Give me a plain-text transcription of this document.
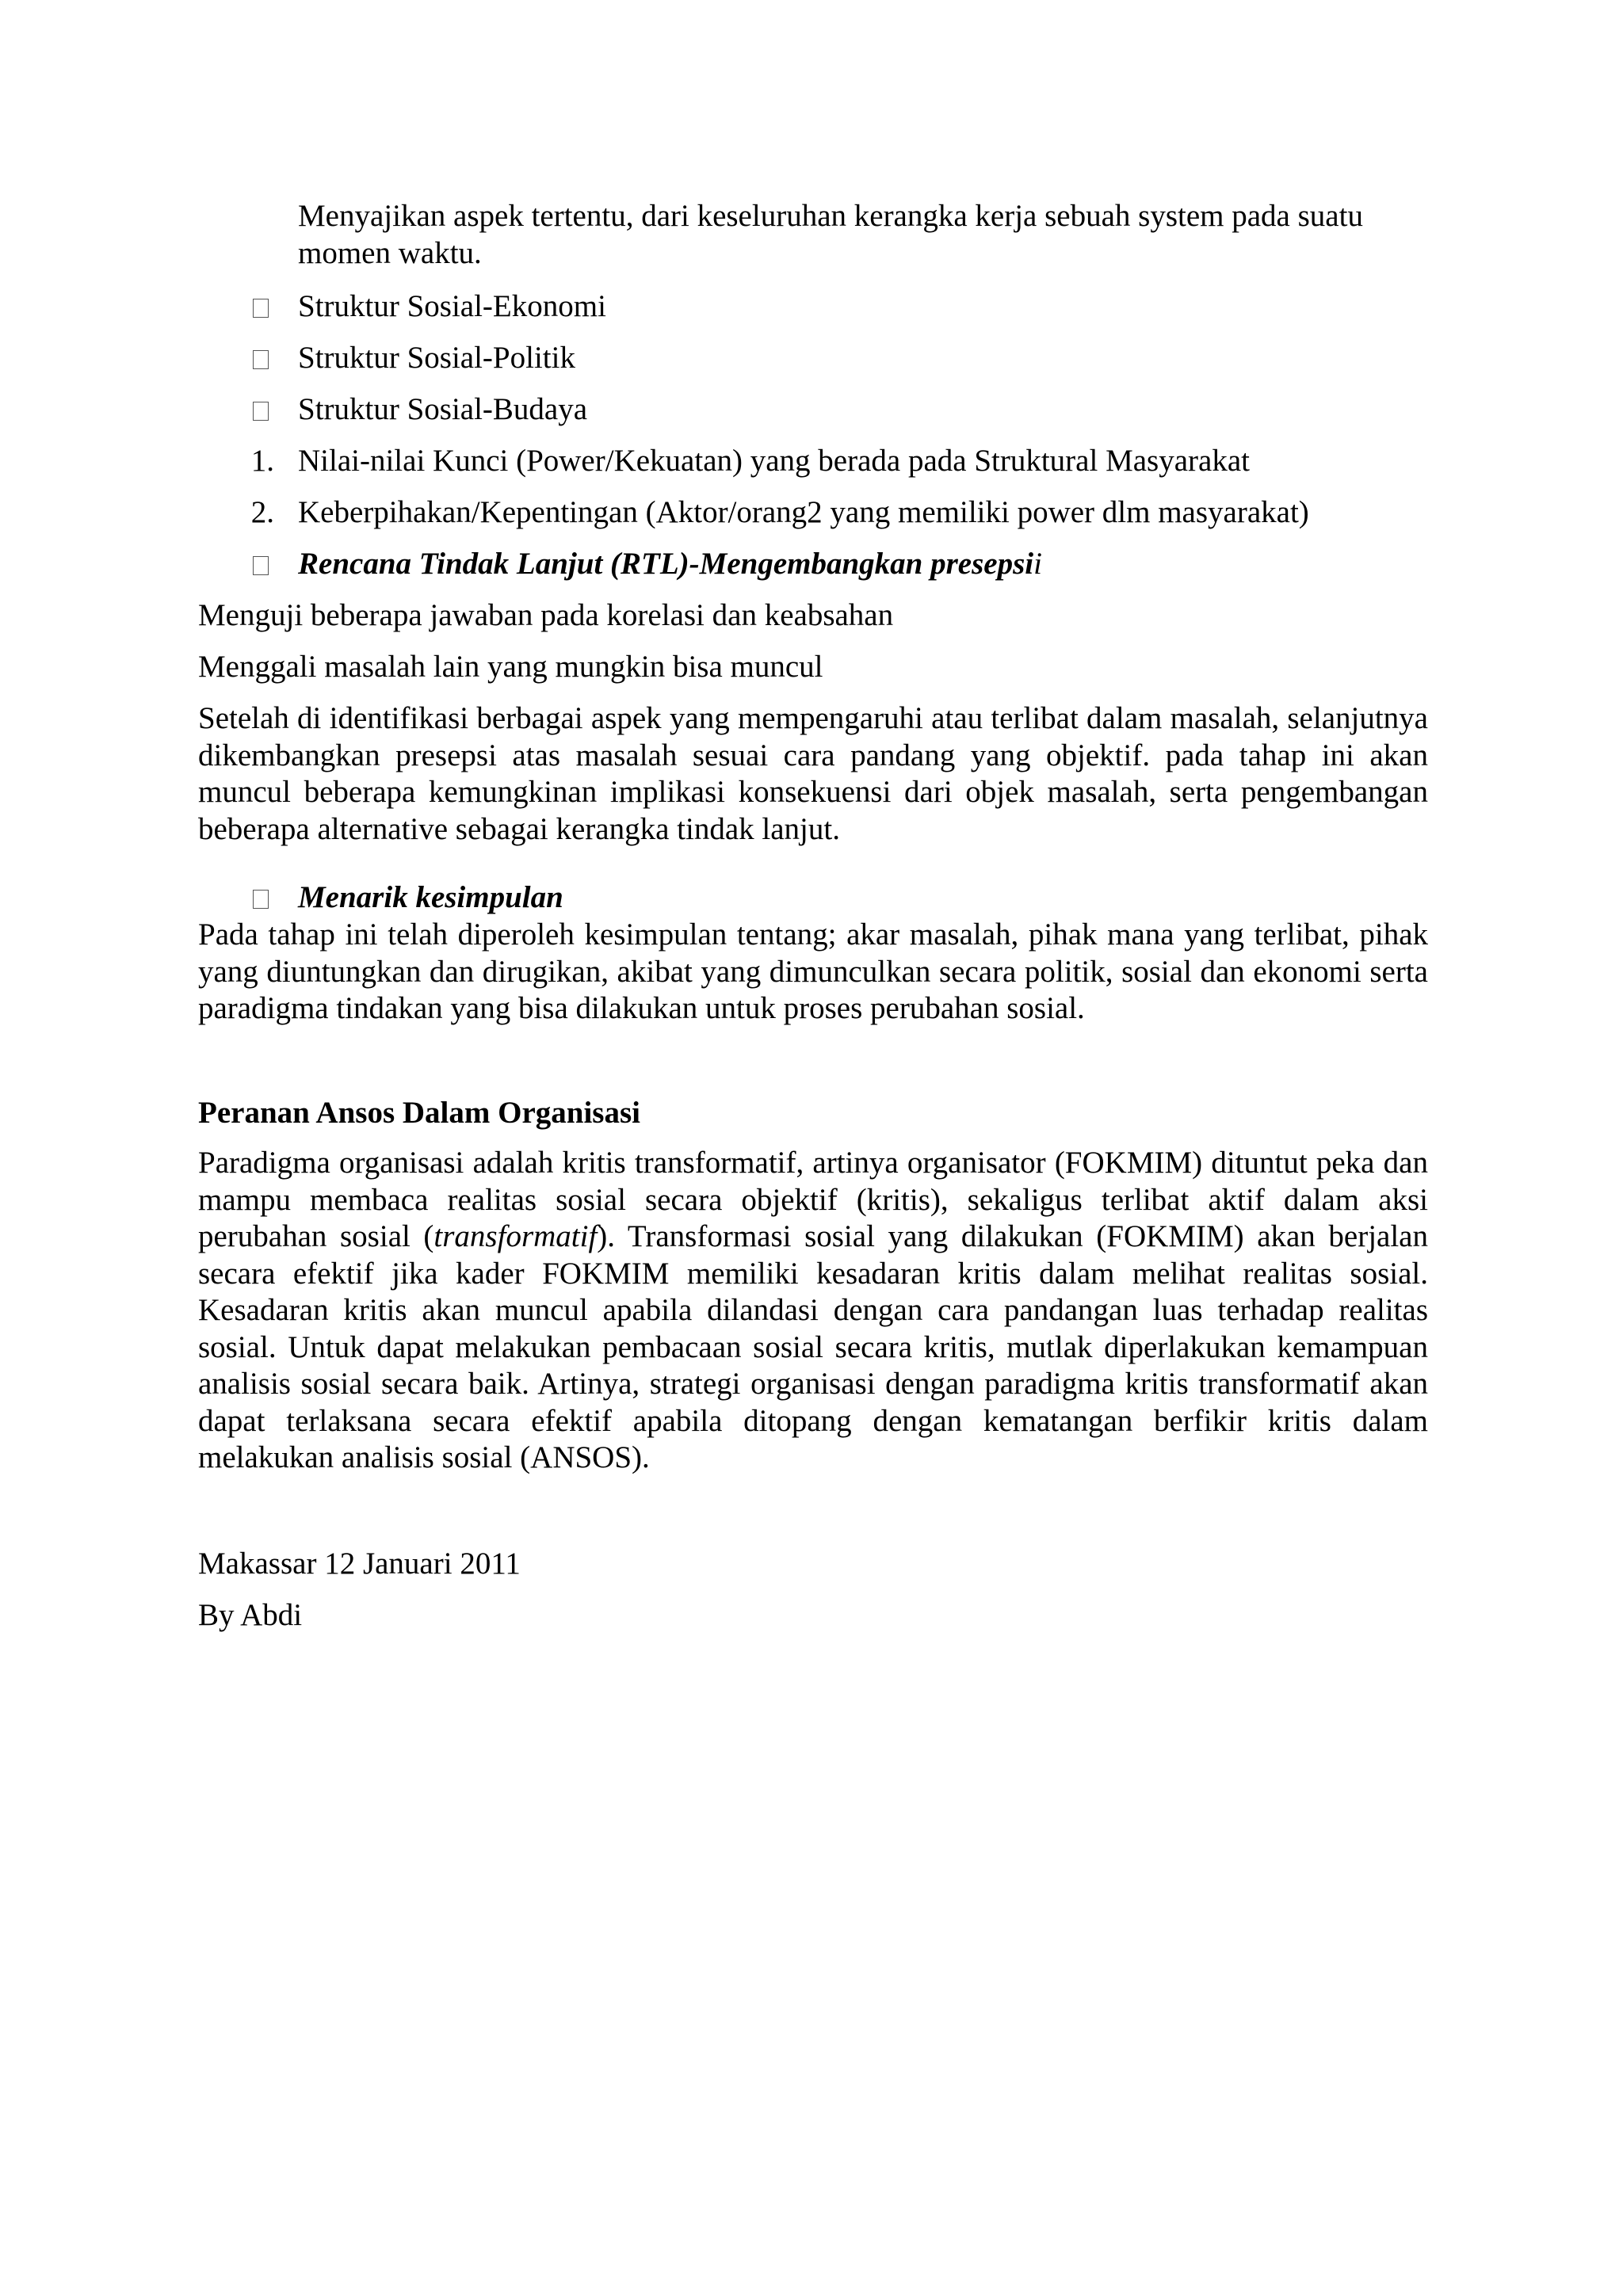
Menyajikan aspek tertentu, dari keseluruhan kerangka kerja sebuah system pada suatu momen waktu.
Struktur Sosial-Ekonomi
Struktur Sosial-Politik
Struktur Sosial-Budaya
1. Nilai-nilai Kunci (Power/Kekuatan) yang berada pada Struktural Masyarakat
2. Keberpihakan/Kepentingan (Aktor/orang2 yang memiliki power dlm masyarakat)
Rencana Tindak Lanjut (RTL)-Mengembangkan presepsii
Menguji beberapa jawaban pada korelasi dan keabsahan
Menggali masalah lain yang mungkin bisa muncul
Setelah di identifikasi berbagai aspek yang mempengaruhi atau terlibat dalam masalah, selanjutnya dikembangkan presepsi atas masalah sesuai cara pandang yang objektif. pada tahap ini akan muncul beberapa kemungkinan implikasi konsekuensi dari objek masalah, serta pengembangan beberapa alternative sebagai kerangka tindak lanjut.
Menarik kesimpulan
Pada tahap ini telah diperoleh kesimpulan tentang; akar masalah, pihak mana yang terlibat, pihak yang diuntungkan dan dirugikan, akibat yang dimunculkan secara politik, sosial dan ekonomi serta paradigma tindakan yang bisa dilakukan untuk proses perubahan sosial.
Peranan Ansos Dalam Organisasi
Paradigma organisasi adalah kritis transformatif, artinya organisator (FOKMIM) dituntut peka dan mampu membaca realitas sosial secara objektif (kritis), sekaligus terlibat aktif dalam aksi perubahan sosial (transformatif). Transformasi sosial yang dilakukan (FOKMIM) akan berjalan secara efektif jika kader FOKMIM memiliki kesadaran kritis dalam melihat realitas sosial. Kesadaran kritis akan muncul apabila dilandasi dengan cara pandangan luas terhadap realitas sosial. Untuk dapat melakukan pembacaan sosial secara kritis, mutlak diperlakukan kemampuan analisis sosial secara baik. Artinya, strategi organisasi dengan paradigma kritis transformatif akan dapat terlaksana secara efektif apabila ditopang dengan kematangan berfikir kritis dalam melakukan analisis sosial (ANSOS).
Makassar 12 Januari 2011
By Abdi
